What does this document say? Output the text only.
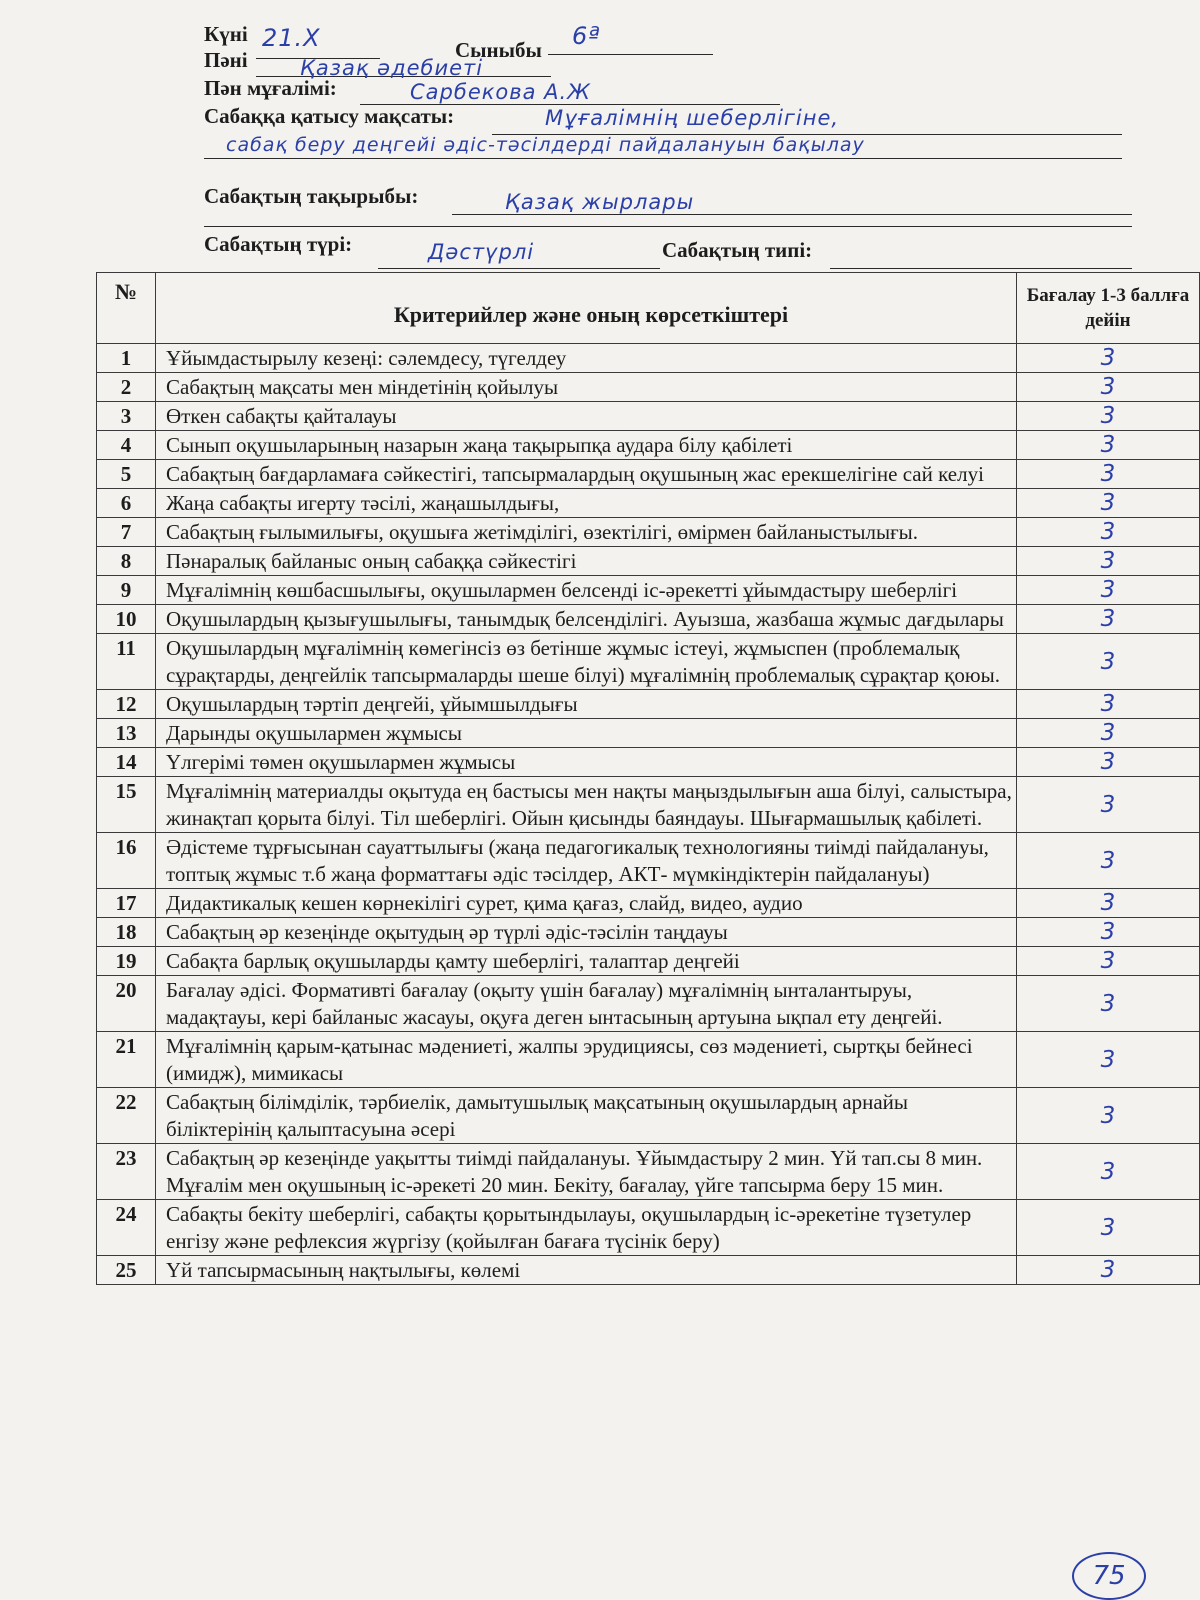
Күні 21.X	Сыныбы 6ª
Пәні Қазақ әдебиеті
Пән мұғалімі:	Сарбекова А.Ж
Сабаққа қатысу мақсаты:	Мұғалімнің шеберлігіне,
сабақ беру деңгейі әдіс-тәсілдерді пайдалануын бақылау
Сабақтың тақырыбы:	Қазақ жырлары
Сабақтың түрі:	Дәстүрлі	Сабақтың типі:
№	Критерийлер және оның көрсеткіштері	Бағалау 1-3 баллға дейін
1	Ұйымдастырылу кезеңі: сәлемдесу, түгелдеу	3
2	Сабақтың мақсаты мен міндетінің қойылуы	3
3	Өткен сабақты қайталауы	3
4	Сынып оқушыларының назарын жаңа тақырыпқа аудара білу қабілеті	3
5	Сабақтың бағдарламаға сәйкестігі, тапсырмалардың оқушының жас ерекшелігіне сай келуі	3
6	Жаңа сабақты игерту тәсілі, жаңашылдығы,	3
7	Сабақтың ғылымилығы, оқушыға жетімділігі, өзектілігі, өмірмен байланыстылығы.	3
8	Пәнаралық байланыс оның сабаққа сәйкестігі	3
9	Мұғалімнің көшбасшылығы, оқушылармен белсенді іс-әрекетті ұйымдастыру шеберлігі	3
10	Оқушылардың қызығушылығы, танымдық белсенділігі. Ауызша, жазбаша жұмыс дағдылары	3
11	Оқушылардың мұғалімнің көмегінсіз өз бетінше жұмыс істеуі, жұмыспен (проблемалық сұрақтарды, деңгейлік тапсырмаларды шеше білуі) мұғалімнің проблемалық сұрақтар қоюы.	3
12	Оқушылардың тәртіп деңгейі, ұйымшылдығы	3
13	Дарынды оқушылармен жұмысы	3
14	Үлгерімі төмен оқушылармен жұмысы	3
15	Мұғалімнің материалды оқытуда ең бастысы мен нақты маңыздылығын аша білуі, салыстыра, жинақтап қорыта білуі. Тіл шеберлігі. Ойын қисынды баяндауы. Шығармашылық қабілеті.	3
16	Әдістеме тұрғысынан сауаттылығы (жаңа педагогикалық технологияны тиімді пайдалануы, топтық жұмыс т.б жаңа форматтағы әдіс тәсілдер, АКТ- мүмкіндіктерін пайдалануы)	3
17	Дидактикалық кешен көрнекілігі сурет, қима қағаз, слайд, видео, аудио	3
18	Сабақтың әр кезеңінде оқытудың әр түрлі әдіс-тәсілін таңдауы	3
19	Сабақта барлық оқушыларды қамту шеберлігі, талаптар деңгейі	3
20	Бағалау әдісі. Формативті бағалау (оқыту үшін бағалау) мұғалімнің ынталантыруы, мадақтауы, кері байланыс жасауы, оқуға деген ынтасының артуына ықпал ету деңгейі.	3
21	Мұғалімнің қарым-қатынас мәдениеті, жалпы эрудициясы, сөз мәдениеті, сыртқы бейнесі (имидж), мимикасы	3
22	Сабақтың білімділік, тәрбиелік, дамытушылық мақсатының оқушылардың арнайы біліктерінің қалыптасуына әсері	3
23	Сабақтың әр кезеңінде уақытты тиімді пайдалануы. Ұйымдастыру 2 мин. Үй тап.сы 8 мин. Мұғалім мен оқушының іс-әрекеті 20 мин. Бекіту, бағалау, үйге тапсырма беру 15 мин.	3
24	Сабақты бекіту шеберлігі, сабақты қорытындылауы, оқушылардың іс-әрекетіне түзетулер енгізу және рефлексия жүргізу (қойылған бағаға түсінік беру)	3
25	Үй тапсырмасының нақтылығы, көлемі	3
75
